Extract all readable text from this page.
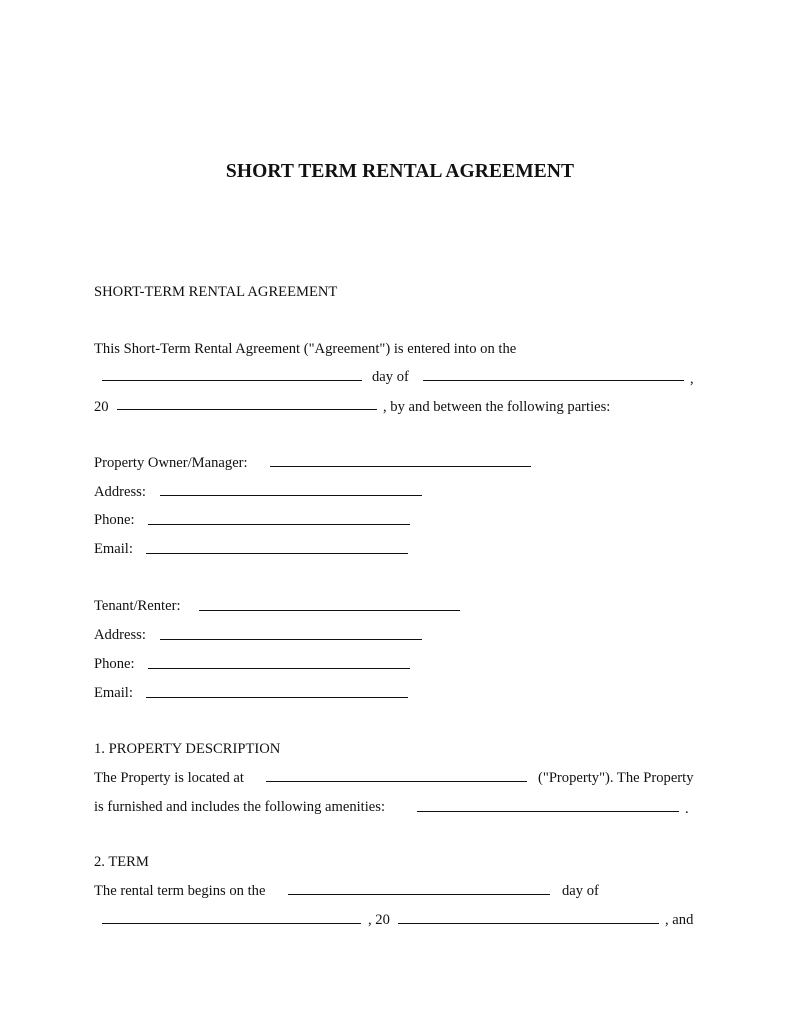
SHORT TERM RENTAL AGREEMENT
SHORT-TERM RENTAL AGREEMENT
This Short-Term Rental Agreement ("Agreement") is entered into on the
day of	,
20	, by and between the following parties:
Property Owner/Manager:
Address:
Phone:
Email:
Tenant/Renter:
Address:
Phone:
Email:
1. PROPERTY DESCRIPTION
The Property is located at	("Property"). The Property
is furnished and includes the following amenities:	.
2. TERM
The rental term begins on the	day of
, 20	, and
